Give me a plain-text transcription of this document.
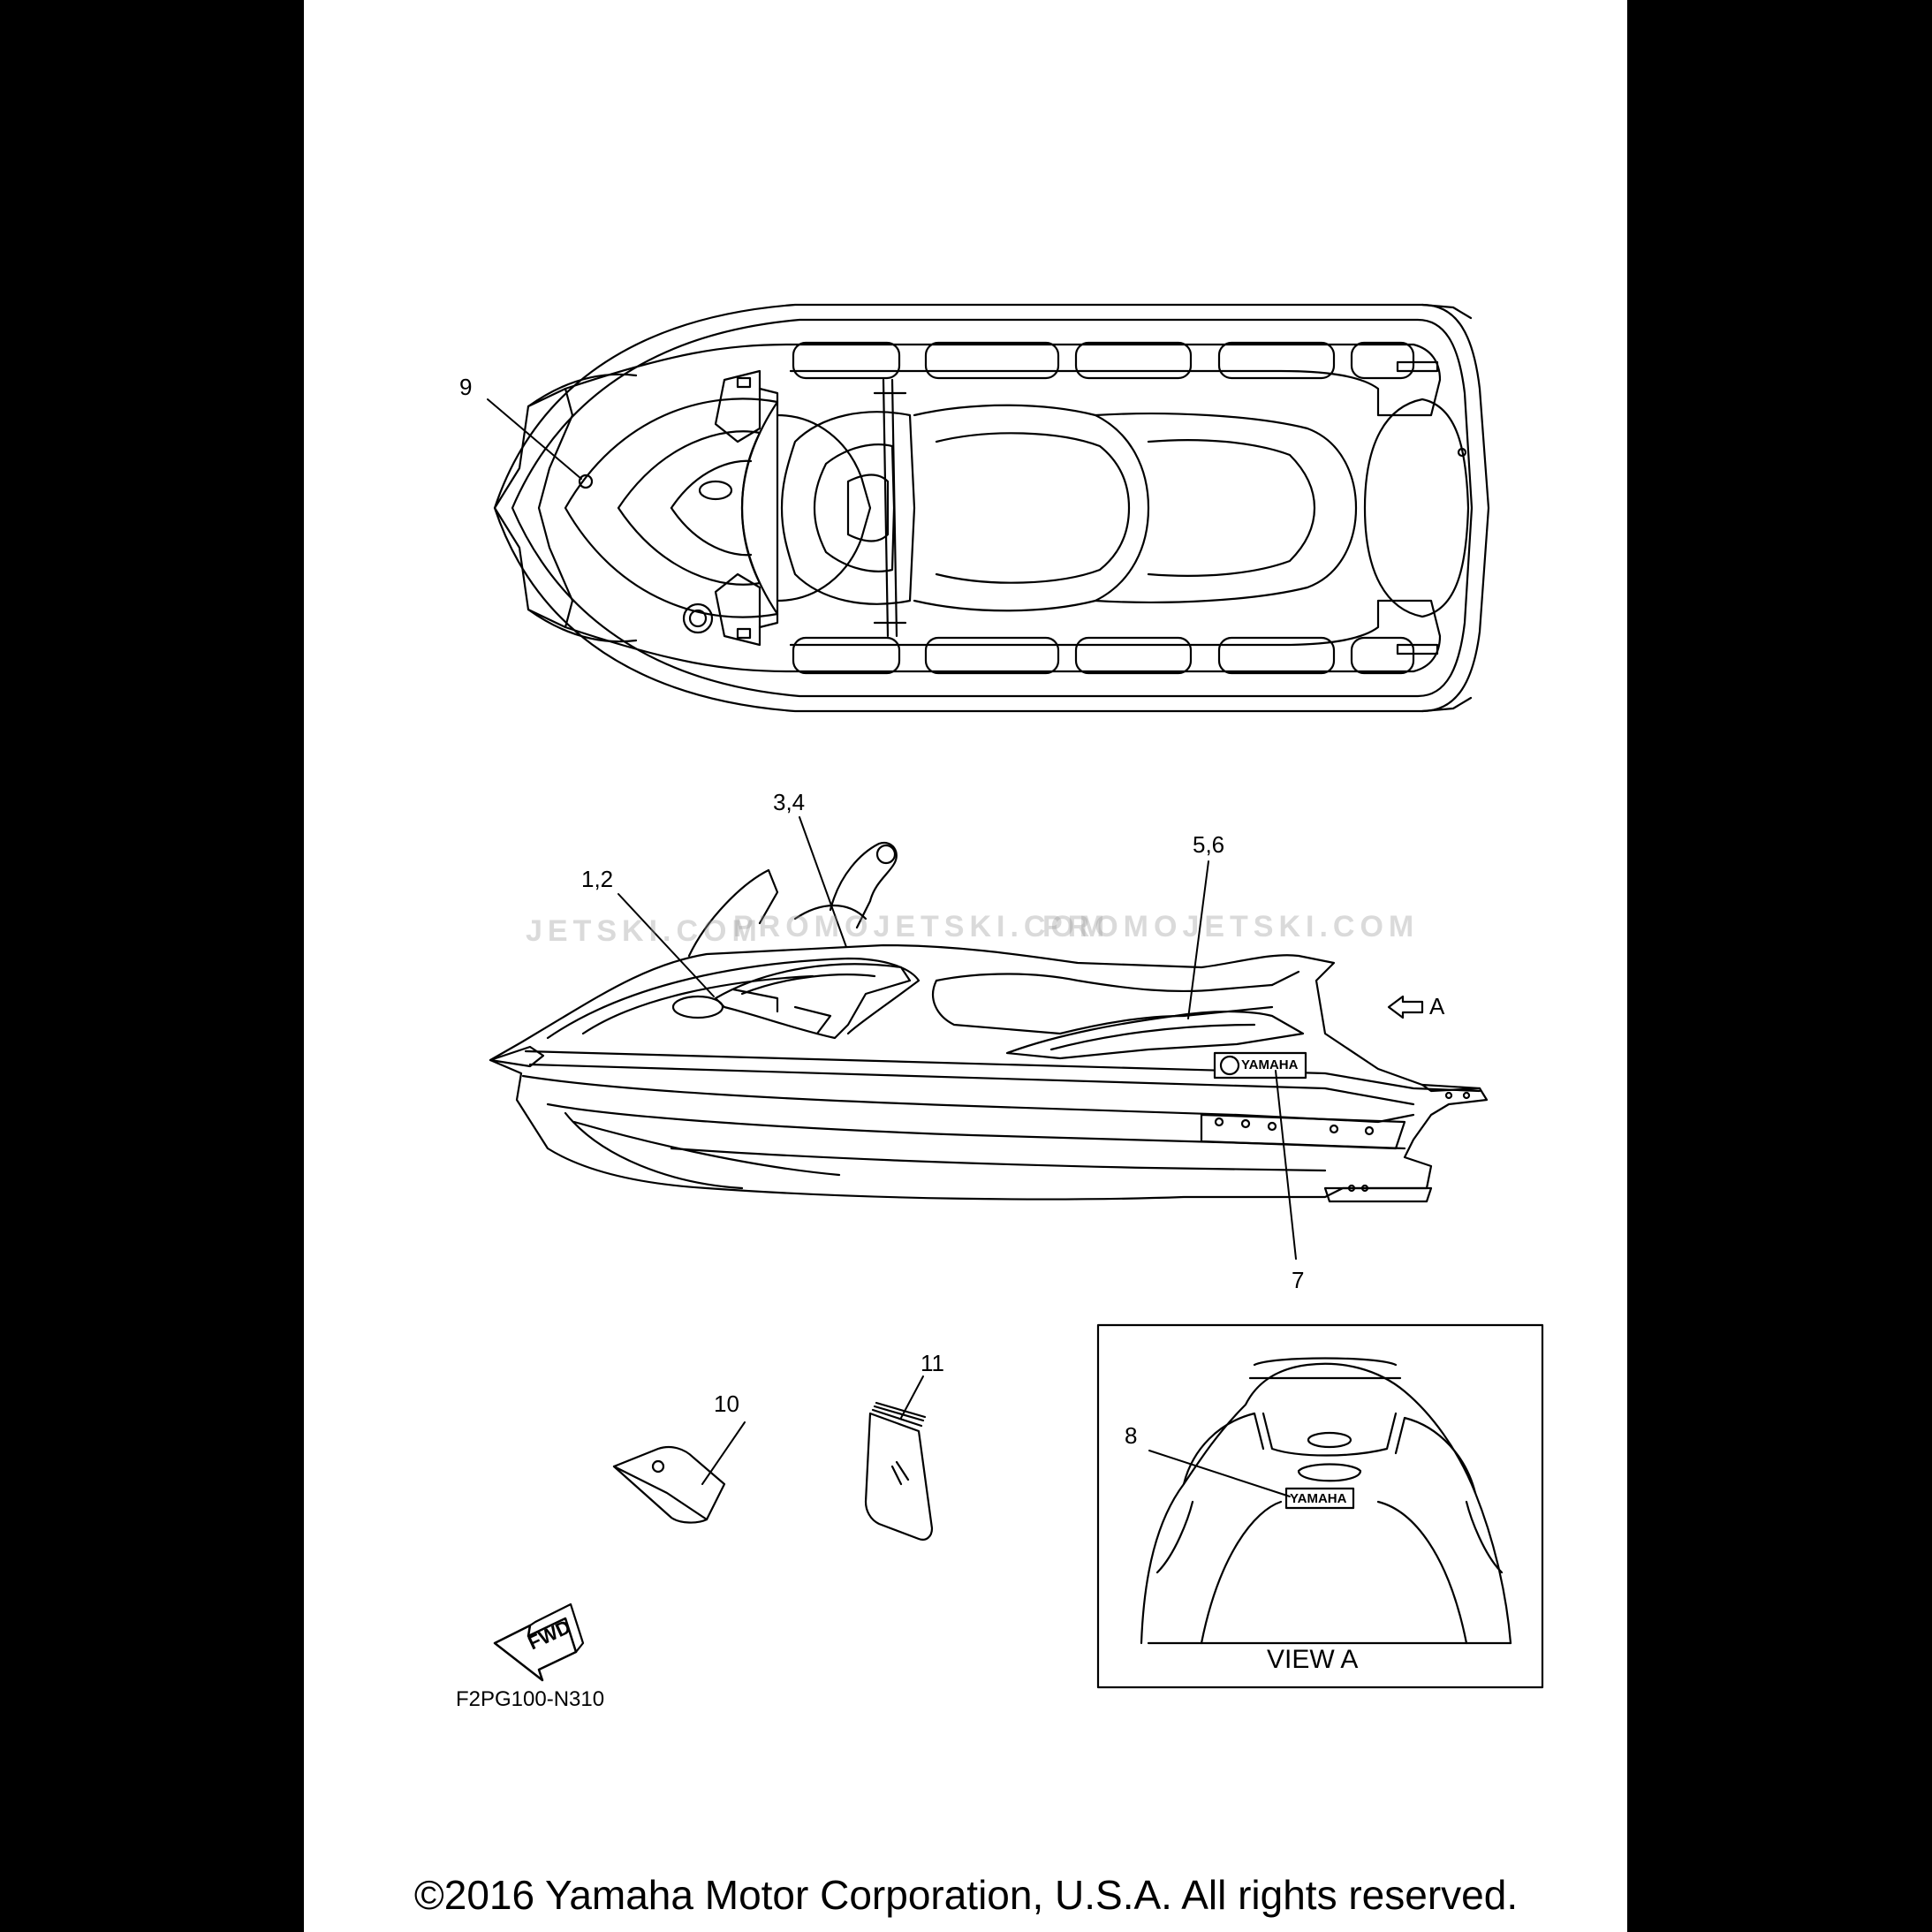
JETSKI.COM
PROMOJETSKI.COM
PROMOJETSKI.COM
9
3,4
1,2
5,6
7
8
10
11
A
YAMAHA
YAMAHA
FWD
VIEW A
F2PG100-N310
©2016 Yamaha Motor Corporation, U.S.A. All rights reserved.
